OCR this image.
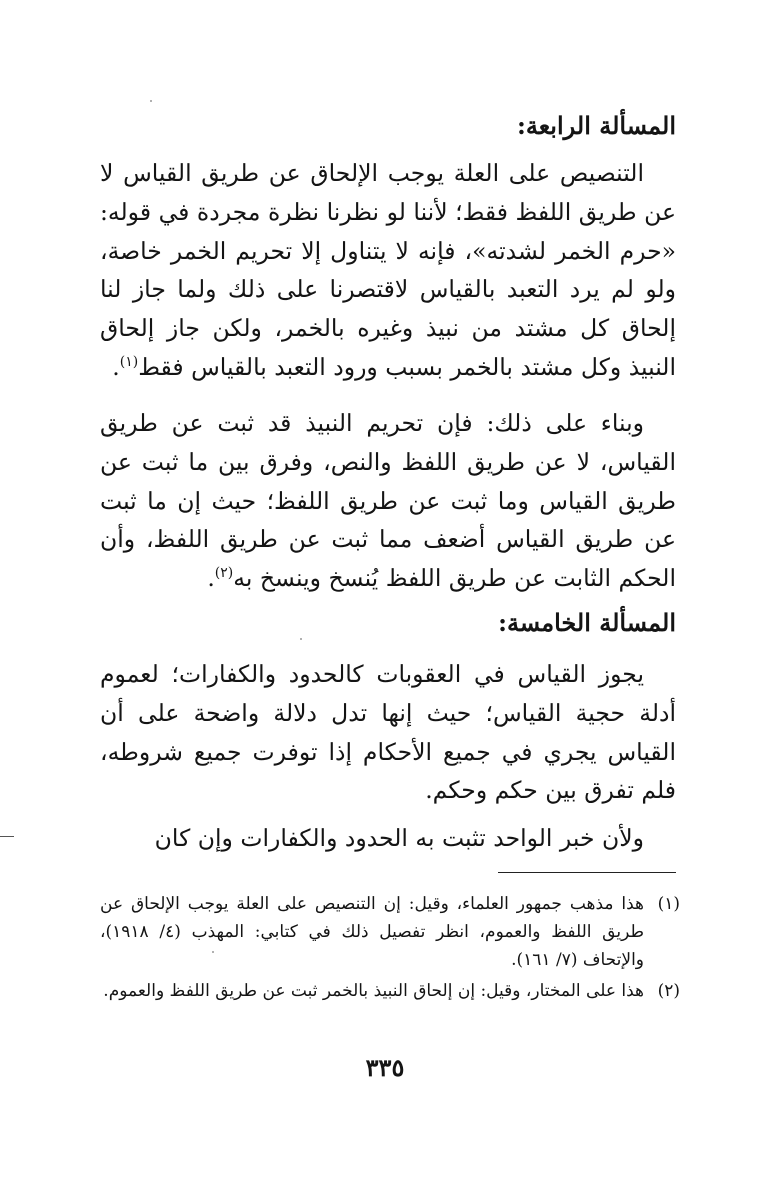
المسألة الرابعة:

التنصيص على العلة يوجب الإلحاق عن طريق القياس لا عن طريق اللفظ فقط؛ لأننا لو نظرنا نظرة مجردة في قوله: «حرم الخمر لشدته»، فإنه لا يتناول إلا تحريم الخمر خاصة، ولو لم يرد التعبد بالقياس لاقتصرنا على ذلك ولما جاز لنا إلحاق كل مشتد من نبيذ وغيره بالخمر، ولكن جاز إلحاق النبيذ وكل مشتد بالخمر بسبب ورود التعبد بالقياس فقط$^{(١)}$.

وبناء على ذلك: فإن تحريم النبيذ قد ثبت عن طريق القياس، لا عن طريق اللفظ والنص، وفرق بين ما ثبت عن طريق القياس وما ثبت عن طريق اللفظ؛ حيث إن ما ثبت عن طريق القياس أضعف مما ثبت عن طريق اللفظ، وأن الحكم الثابت عن طريق اللفظ يُنسخ وينسخ به$^{(٢)}$.

المسألة الخامسة:

يجوز القياس في العقوبات كالحدود والكفارات؛ لعموم أدلة حجية القياس؛ حيث إنها تدل دلالة واضحة على أن القياس يجري في جميع الأحكام إذا توفرت جميع شروطه، فلم تفرق بين حكم وحكم.

ولأن خبر الواحد تثبت به الحدود والكفارات وإن كان

(١)
هذا مذهب جمهور العلماء، وقيل: إن التنصيص على العلة يوجب الإلحاق عن طريق اللفظ والعموم، انظر تفصيل ذلك في كتابي: المهذب (٤/ ١٩١٨)، والإتحاف (٧/ ١٦١).
(٢)
هذا على المختار، وقيل: إن إلحاق النبيذ بالخمر ثبت عن طريق اللفظ والعموم.
٣٣٥
